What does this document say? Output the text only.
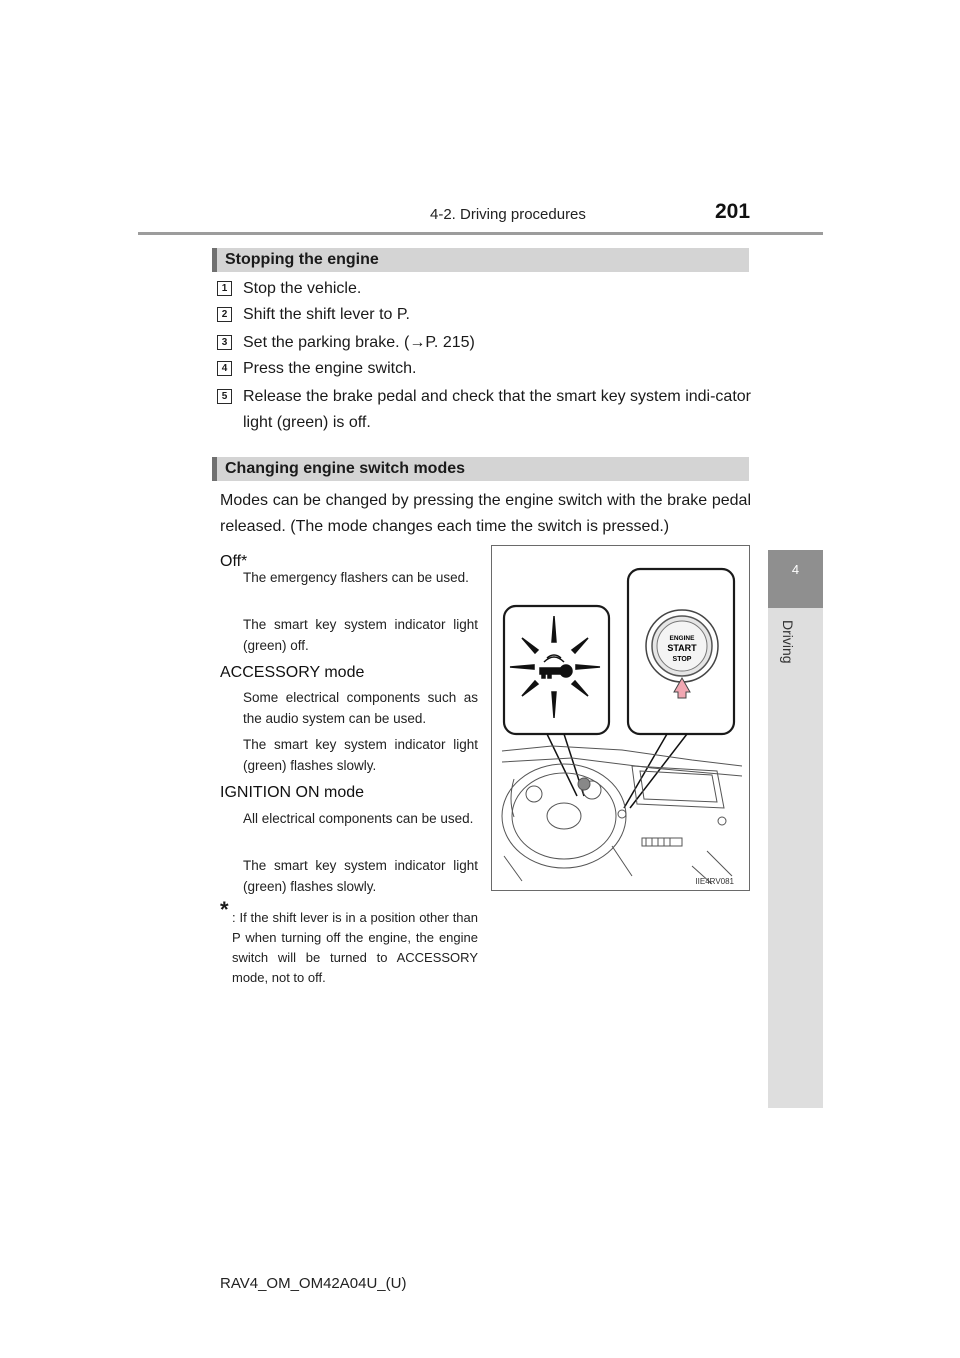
4-2. Driving procedures	201
4
Driving
Stopping the engine
1 Stop the vehicle.
2 Shift the shift lever to P.
3 Set the parking brake. (→P. 215)
4 Press the engine switch.
5 Release the brake pedal and check that the smart key system indi-cator light (green) is off.
Changing engine switch modes
Modes can be changed by pressing the engine switch with the brake pedal released. (The mode changes each time the switch is pressed.)
Off*
The emergency flashers can be used.
The smart key system indicator light (green) off.
ACCESSORY mode
Some electrical components such as the audio system can be used.
The smart key system indicator light (green) flashes slowly.
IGNITION ON mode
All electrical components can be used.
The smart key system indicator light (green) flashes slowly.
* : If the shift lever is in a position other than P when turning off the engine, the engine switch will be turned to ACCESSORY mode, not to off.
ENGINE
START
STOP
IIE4RV081
RAV4_OM_OM42A04U_(U)
